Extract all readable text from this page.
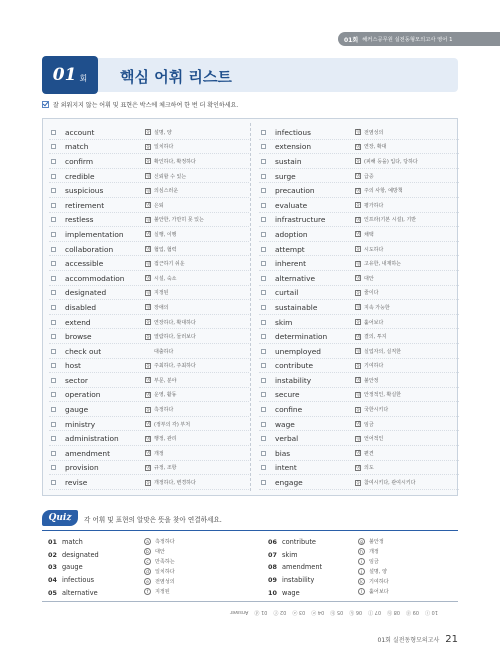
01회 해커스공무원 실전동형모의고사 영어 1
01 회 핵심 어휘 리스트
잘 외워지지 않는 어휘 및 표현은 박스에 체크하여 한 번 더 확인하세요.
account	동 설명, 양
match	동 일치하다
confirm	동 확인하다, 확정하다
credible	형 신뢰할 수 있는
suspicious	형 의심스러운
retirement	명 은퇴
restless	형 불안한, 가만히 못 있는
implementation	명 실행, 이행
collaboration	명 협업, 협력
accessible	형 접근하기 쉬운
accommodation	명 시설, 숙소
designated	형 지정된
disabled	형 장애의
extend	동 연장하다, 확대하다
browse	동 열람하다, 둘러보다
check out	대출하다
host	동 주최하다, 주최하다
sector	명 부문, 분야
operation	명 운영, 활동
gauge	동 측정하다
ministry	명 (정부의 각) 부처
administration	명 행정, 관리
amendment	명 개정
provision	명 규정, 조항
revise	동 개정하다, 변경하다
infectious	형 전염성의
extension	명 연장, 확대
sustain	동 (피해 등을) 입다, 당하다
surge	명 급증
precaution	명 주의 사항, 예방책
evaluate	동 평가하다
infrastructure	명 인프라(기본 시설), 기반
adoption	명 채택
attempt	동 시도하다
inherent	형 고유한, 내재하는
alternative	명 대안
curtail	동 줄이다
sustainable	형 지속 가능한
skim	동 훑어보다
determination	명 결의, 투지
unemployed	형 실업자의, 실직한
contribute	동 기여하다
instability	명 불안정
secure	형 안정적인, 확실한
confine	동 국한시키다
wage	명 임금
verbal	형 언어적인
bias	명 편견
intent	명 의도
engage	동 참여시키다, 관여시키다
Quiz 각 어휘 및 표현의 알맞은 뜻을 찾아 연결하세요.
01 match
02 designated
03 gauge
04 infectious
05 alternative
a	측정하다
b	대안
c	만족하는
d	일치하다
e	전염성의
f	지정된
06 contribute
07 skim
08 amendment
09 instability
10 wage
g	불안정
h	개정
i	임금
j	설명, 양
k	기여하다
l	훑어보다
10 ⓘ
09 ⓖ
08 ⓗ
07 ⓛ
06 ⓚ
05 ⓑ
04 ⓔ
03 ⓐ
02 ⓕ
01 ⓓ
Answer
01회 실전동형모의고사 21
